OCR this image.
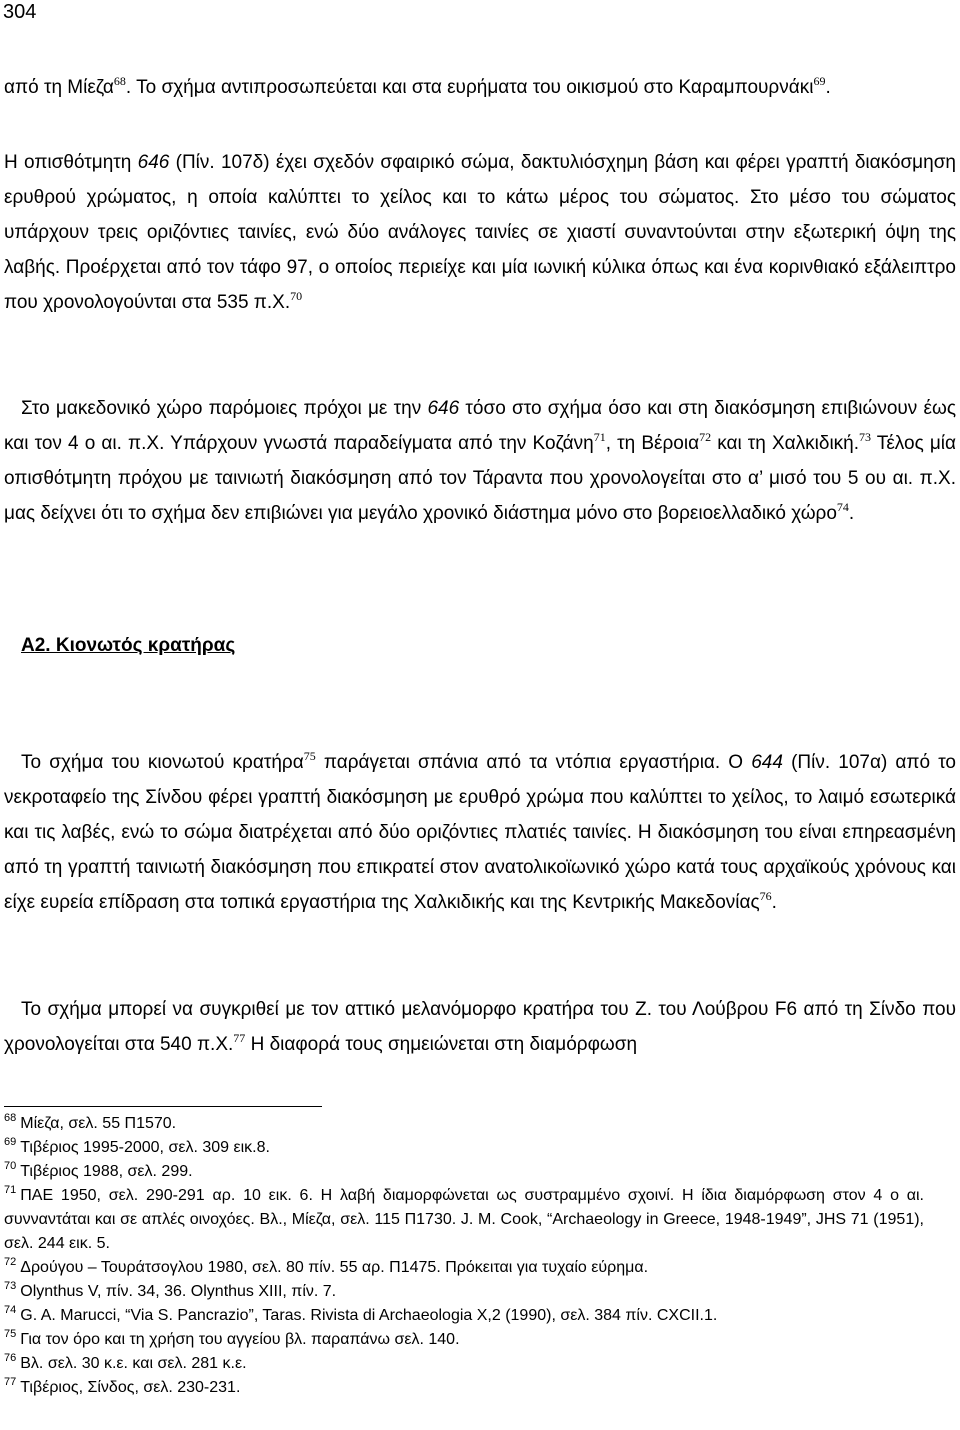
304
από τη Μίεζα$^{68}$. Το σχήμα αντιπροσωπεύεται και στα ευρήματα του οικισμού στο Καραμπουρνάκι$^{69}$.
Η οπισθότμητη 646 (Πίν. 107δ) έχει σχεδόν σφαιρικό σώμα, δακτυλιόσχημη βάση και φέρει γραπτή διακόσμηση ερυθρού χρώματος, η οποία καλύπτει το χείλος και το κάτω μέρος του σώματος. Στο μέσο του σώματος υπάρχουν τρεις οριζόντιες ταινίες, ενώ δύο ανάλογες ταινίες σε χιαστί συναντούνται στην εξωτερική όψη της λαβής. Προέρχεται από τον τάφο 97, ο οποίος περιείχε και μία ιωνική κύλικα όπως και ένα κορινθιακό εξάλειπτρο που χρονολογούνται στα 535 π.Χ.$^{70}$
Στο μακεδονικό χώρο παρόμοιες πρόχοι με την 646 τόσο στο σχήμα όσο και στη διακόσμηση επιβιώνουν έως και τον 4 ο αι. π.Χ. Υπάρχουν γνωστά παραδείγματα από την Κοζάνη$^{71}$, τη Βέροια$^{72}$ και τη Χαλκιδική.$^{73}$ Τέλος μία οπισθότμητη πρόχου με ταινιωτή διακόσμηση από τον Τάραντα που χρονολογείται στο α’ μισό του 5 ου αι. π.Χ. μας δείχνει ότι το σχήμα δεν επιβιώνει για μεγάλο χρονικό διάστημα μόνο στο βορειοελλαδικό χώρο$^{74}$.
Α2. Κιονωτός κρατήρας
Το σχήμα του κιονωτού κρατήρα$^{75}$ παράγεται σπάνια από τα ντόπια εργαστήρια. Ο 644 (Πίν. 107α) από το νεκροταφείο της Σίνδου φέρει γραπτή διακόσμηση με ερυθρό χρώμα που καλύπτει το χείλος, το λαιμό εσωτερικά και τις λαβές, ενώ το σώμα διατρέχεται από δύο οριζόντιες πλατιές ταινίες. Η διακόσμηση του είναι επηρεασμένη από τη γραπτή ταινιωτή διακόσμηση που επικρατεί στον ανατολικοϊωνικό χώρο κατά τους αρχαϊκούς χρόνους και είχε ευρεία επίδραση στα τοπικά εργαστήρια της Χαλκιδικής και της Κεντρικής Μακεδονίας$^{76}$.
Το σχήμα μπορεί να συγκριθεί με τον αττικό μελανόμορφο κρατήρα του Ζ. του Λούβρου F6 από τη Σίνδο που χρονολογείται στα 540 π.Χ.$^{77}$ Η διαφορά τους σημειώνεται στη διαμόρφωση
$^{68}$ Μίεζα, σελ. 55 Π1570.
$^{69}$ Τιβέριος 1995-2000, σελ. 309 εικ.8.
$^{70}$ Τιβέριος 1988, σελ. 299.
$^{71}$ ΠΑΕ 1950, σελ. 290-291 αρ. 10 εικ. 6. Η λαβή διαμορφώνεται ως συστραμμένο σχοινί. Η ίδια διαμόρφωση στον 4 ο αι. συνναντάται και σε απλές οινοχόες. Βλ., Μίεζα, σελ. 115 Π1730. J. M. Cook, “Archaeology in Greece, 1948-1949”, JHS 71 (1951), σελ. 244 εικ. 5.
$^{72}$ Δρούγου – Τουράτσογλου 1980, σελ. 80 πίν. 55 αρ. Π1475. Πρόκειται για τυχαίο εύρημα.
$^{73}$ Olynthus V, πίν. 34, 36. Olynthus XIII, πίν. 7.
$^{74}$ G. A. Marucci, “Via S. Pancrazio”, Taras. Rivista di Archaeologia X,2 (1990), σελ. 384 πίν. CXCII.1.
$^{75}$ Για τον όρο και τη χρήση του αγγείου βλ. παραπάνω σελ. 140.
$^{76}$ Βλ. σελ. 30 κ.ε. και σελ. 281 κ.ε.
$^{77}$ Τιβέριος, Σίνδος, σελ. 230-231.
